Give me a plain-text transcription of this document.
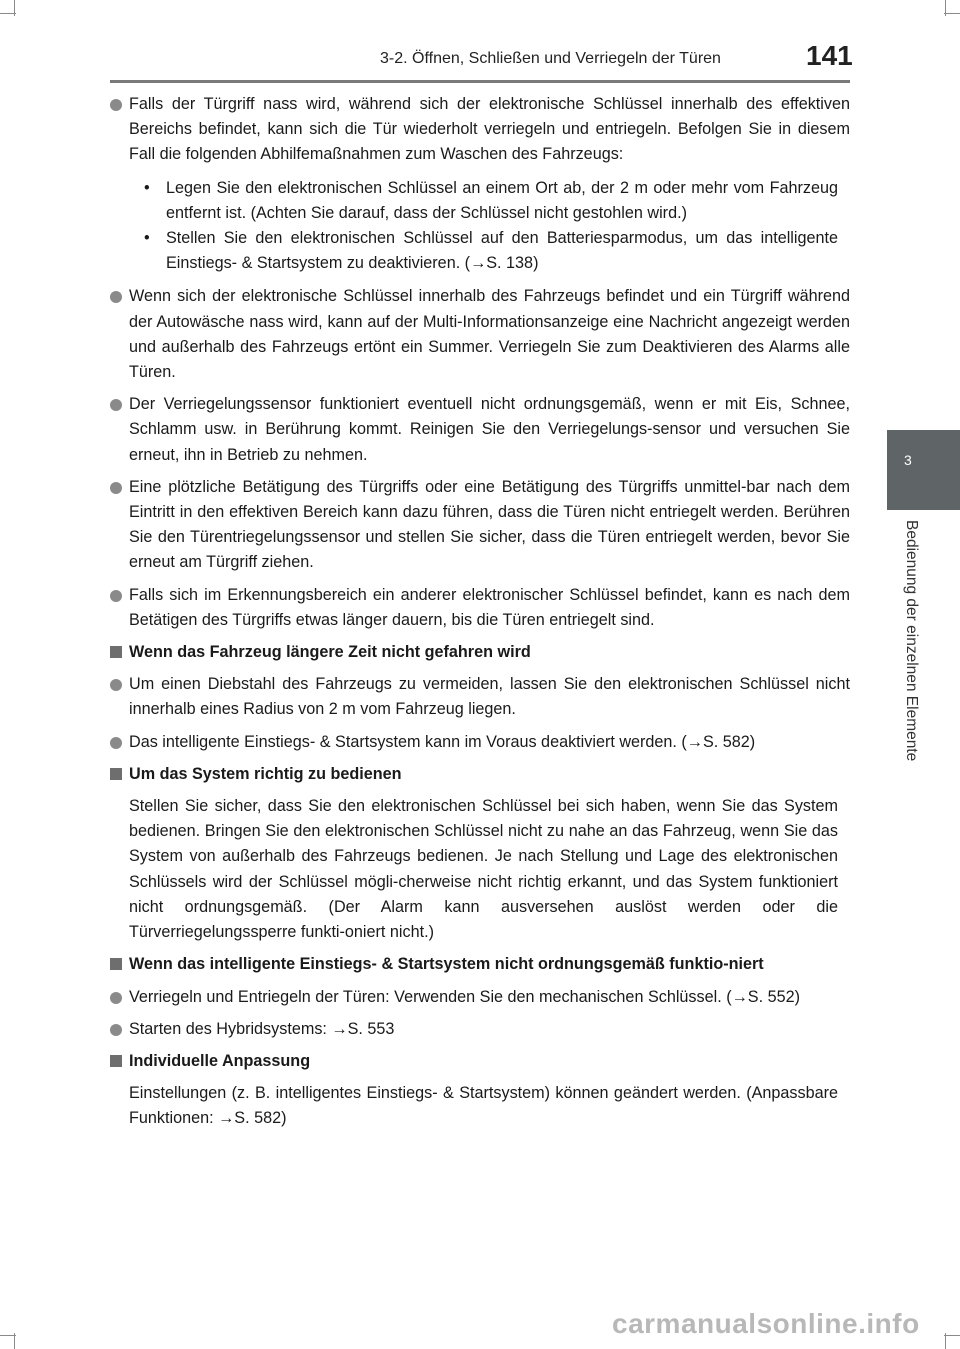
3-2. Öffnen, Schließen und Verriegeln der Türen	141
3
Bedienung der einzelnen Elemente
Falls der Türgriff nass wird, während sich der elektronische Schlüssel innerhalb des effektiven Bereichs befindet, kann sich die Tür wiederholt verriegeln und entriegeln. Befolgen Sie in diesem Fall die folgenden Abhilfemaßnahmen zum Waschen des Fahrzeugs:
• Legen Sie den elektronischen Schlüssel an einem Ort ab, der 2 m oder mehr vom Fahrzeug entfernt ist. (Achten Sie darauf, dass der Schlüssel nicht gestohlen wird.)
• Stellen Sie den elektronischen Schlüssel auf den Batteriesparmodus, um das intelligente Einstiegs- & Startsystem zu deaktivieren. (→S. 138)
Wenn sich der elektronische Schlüssel innerhalb des Fahrzeugs befindet und ein Türgriff während der Autowäsche nass wird, kann auf der Multi-Informationsanzeige eine Nachricht angezeigt werden und außerhalb des Fahrzeugs ertönt ein Summer. Verriegeln Sie zum Deaktivieren des Alarms alle Türen.
Der Verriegelungssensor funktioniert eventuell nicht ordnungsgemäß, wenn er mit Eis, Schnee, Schlamm usw. in Berührung kommt. Reinigen Sie den Verriegelungs-sensor und versuchen Sie erneut, ihn in Betrieb zu nehmen.
Eine plötzliche Betätigung des Türgriffs oder eine Betätigung des Türgriffs unmittel-bar nach dem Eintritt in den effektiven Bereich kann dazu führen, dass die Türen nicht entriegelt werden. Berühren Sie den Türentriegelungssensor und stellen Sie sicher, dass die Türen entriegelt werden, bevor Sie erneut am Türgriff ziehen.
Falls sich im Erkennungsbereich ein anderer elektronischer Schlüssel befindet, kann es nach dem Betätigen des Türgriffs etwas länger dauern, bis die Türen entriegelt sind.
Wenn das Fahrzeug längere Zeit nicht gefahren wird
Um einen Diebstahl des Fahrzeugs zu vermeiden, lassen Sie den elektronischen Schlüssel nicht innerhalb eines Radius von 2 m vom Fahrzeug liegen.
Das intelligente Einstiegs- & Startsystem kann im Voraus deaktiviert werden. (→S. 582)
Um das System richtig zu bedienen
Stellen Sie sicher, dass Sie den elektronischen Schlüssel bei sich haben, wenn Sie das System bedienen. Bringen Sie den elektronischen Schlüssel nicht zu nahe an das Fahrzeug, wenn Sie das System von außerhalb des Fahrzeugs bedienen. Je nach Stellung und Lage des elektronischen Schlüssels wird der Schlüssel mögli-cherweise nicht richtig erkannt, und das System funktioniert nicht ordnungsgemäß. (Der Alarm kann ausversehen auslöst werden oder die Türverriegelungssperre funkti-oniert nicht.)
Wenn das intelligente Einstiegs- & Startsystem nicht ordnungsgemäß funktio-niert
Verriegeln und Entriegeln der Türen: Verwenden Sie den mechanischen Schlüssel. (→S. 552)
Starten des Hybridsystems: →S. 553
Individuelle Anpassung
Einstellungen (z. B. intelligentes Einstiegs- & Startsystem) können geändert werden. (Anpassbare Funktionen: →S. 582)
carmanualsonline.info
